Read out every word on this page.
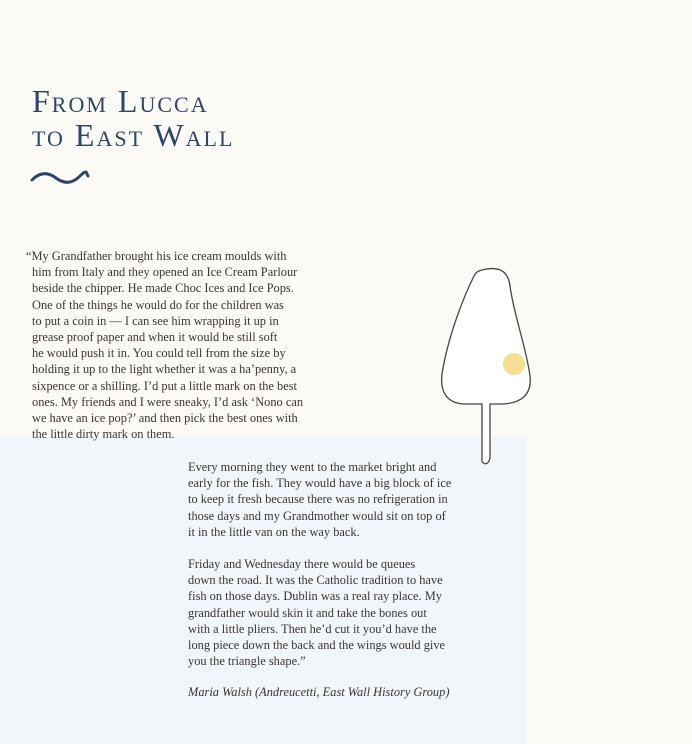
From Lucca
to East Wall
“My Grandfather brought his ice cream moulds with
him from Italy and they opened an Ice Cream Parlour
beside the chipper. He made Choc Ices and Ice Pops.
One of the things he would do for the children was
to put a coin in — I can see him wrapping it up in
grease proof paper and when it would be still soft
he would push it in. You could tell from the size by
holding it up to the light whether it was a ha’penny, a
sixpence or a shilling. I’d put a little mark on the best
ones. My friends and I were sneaky, I’d ask ‘Nono can
we have an ice pop?’ and then pick the best ones with
the little dirty mark on them.
Every morning they went to the market bright and
early for the fish. They would have a big block of ice
to keep it fresh because there was no refrigeration in
those days and my Grandmother would sit on top of
it in the little van on the way back.
Friday and Wednesday there would be queues
down the road. It was the Catholic tradition to have
fish on those days. Dublin was a real ray place. My
grandfather would skin it and take the bones out
with a little pliers. Then he’d cut it you’d have the
long piece down the back and the wings would give
you the triangle shape.”
Maria Walsh (Andreucetti, East Wall History Group)
